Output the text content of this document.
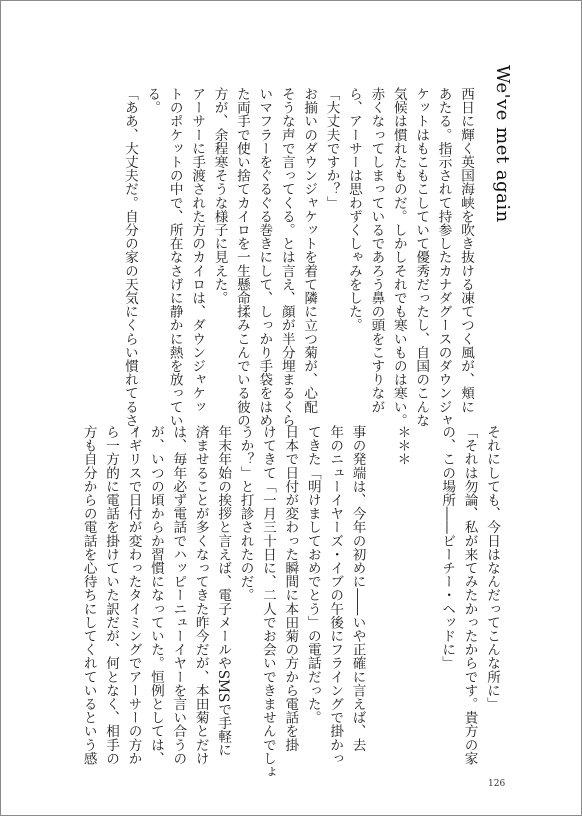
We've met again

西日に輝く英国海峡を吹き抜ける凍てつく風が、頬に

あたる。指示されて持参したカナダグースのダウンジャ

ケットはもこもこしていて優秀だったし、自国のこんな

気候は慣れたものだ。しかしそれでも寒いものは寒い。

赤くなってしまっているであろう鼻の頭をこすりなが

ら、アーサーは思わずくしゃみをした。

「大丈夫ですか？」

お揃いのダウンジャケットを着て隣に立つ菊が、心配

そうな声で言ってくる。とは言え、顔が半分埋まるくら

いマフラーをぐるぐる巻きにして、しっかり手袋をはめ

た両手で使い捨てカイロを一生懸命揉みこんでいる彼の

方が、余程寒そうな様子に見えた。

アーサーに手渡された方のカイロは、ダウンジャケッ

トのポケットの中で、所在なさげに静かに熱を放ってい

る。

「ああ、大丈夫だ。自分の家の天気にくらい慣れてるさ。

それにしても、今日はなんだってこんな所に」

「それは勿論、私が来てみたかったからです。貴方の家

の、この場所――ビーチー・ヘッドに」

＊＊＊

事の発端は、今年の初めに――いや正確に言えば、去

年のニューイヤーズ・イブの午後にフライングで掛かっ

てきた「明けましておめでとう」の電話だった。

日本で日付が変わった瞬間に本田菊の方から電話を掛

けてきて「一月三十日に、二人でお会いできませんでしょ

うか？」と打診されたのだ。

年末年始の挨拶と言えば、電子メールやSMSで手軽に

済ませることが多くなってきた昨今だが、本田菊とだけ

は、毎年必ず電話でハッピーニューイヤーを言い合うの

が、いつの頃からか習慣になっていた。恒例としては、

イギリスで日付が変わったタイミングでアーサーの方か

ら一方的に電話を掛けていた訳だが、何となく、相手の

方も自分からの電話を心待ちにしてくれているという感

126
